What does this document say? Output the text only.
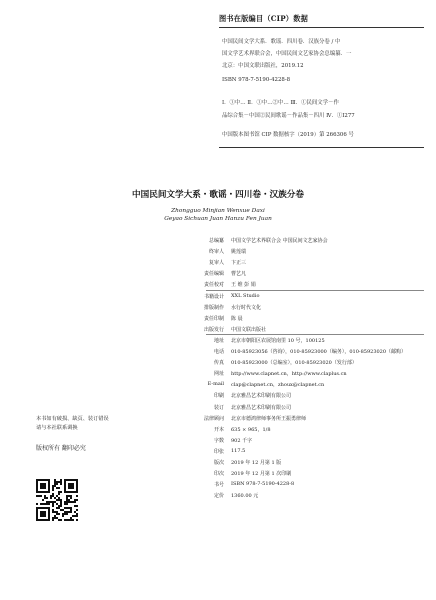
图书在版编目（CIP）数据
中国民间文学大系．歌谣．四川卷．汉族分卷 / 中
国文学艺术界联合会，中国民间文艺家协会总编纂．一
北京：中国文联出版社，2019.12
ISBN 978-7-5190-4228-8
Ⅰ．①中… Ⅱ．①中…②中… Ⅲ．①民间文学－作
品综合集－中国②民间歌谣－作品集－四川 Ⅳ．①I277
中国版本图书馆 CIP 数据核字（2019）第 266306 号
中国民间文学大系・歌谣・四川卷・汉族分卷
Zhongguo Minjian Wenxue Daxi
Geyao Sichuan Juan Hanzu Fen Juan
总编纂 中国文学艺术界联合会 中国民间文艺家协会
终审人 姚莲瑞
复审人 卞正三
责任编辑 曹艺凡
责任校对 王 维 彭 娟
书籍设计 XXL Studio
排版制作 水行时代文化
责任印制 陈 晨
出版发行 中国文联出版社
地址 北京市朝阳区农展馆南里 10 号，100125
电话 010-85923056（咨询），010-85923000（编务），010-85923020（邮购）
传真 010-85923000（总编室），010-85923020（发行部）
网址 http://www.clapnet.cn，http://www.claplus.cn
E-mail clap@clapnet.cn，zhoux@clapnet.cn
印刷 北京雅昌艺术印刷有限公司
装订 北京雅昌艺术印刷有限公司
法律顾问 北京市德鸿律师事务所王振勇律师
开本 635 × 965，1/8
字数 902 千字
印张 117.5
版次 2019 年 12 月第 1 版
印次 2019 年 12 月第 1 次印刷
书号 ISBN 978-7-5190-4228-8
定价 1360.00 元
本书如有破损、缺页、装订错误
请与本社联系调换
版权所有 翻印必究
